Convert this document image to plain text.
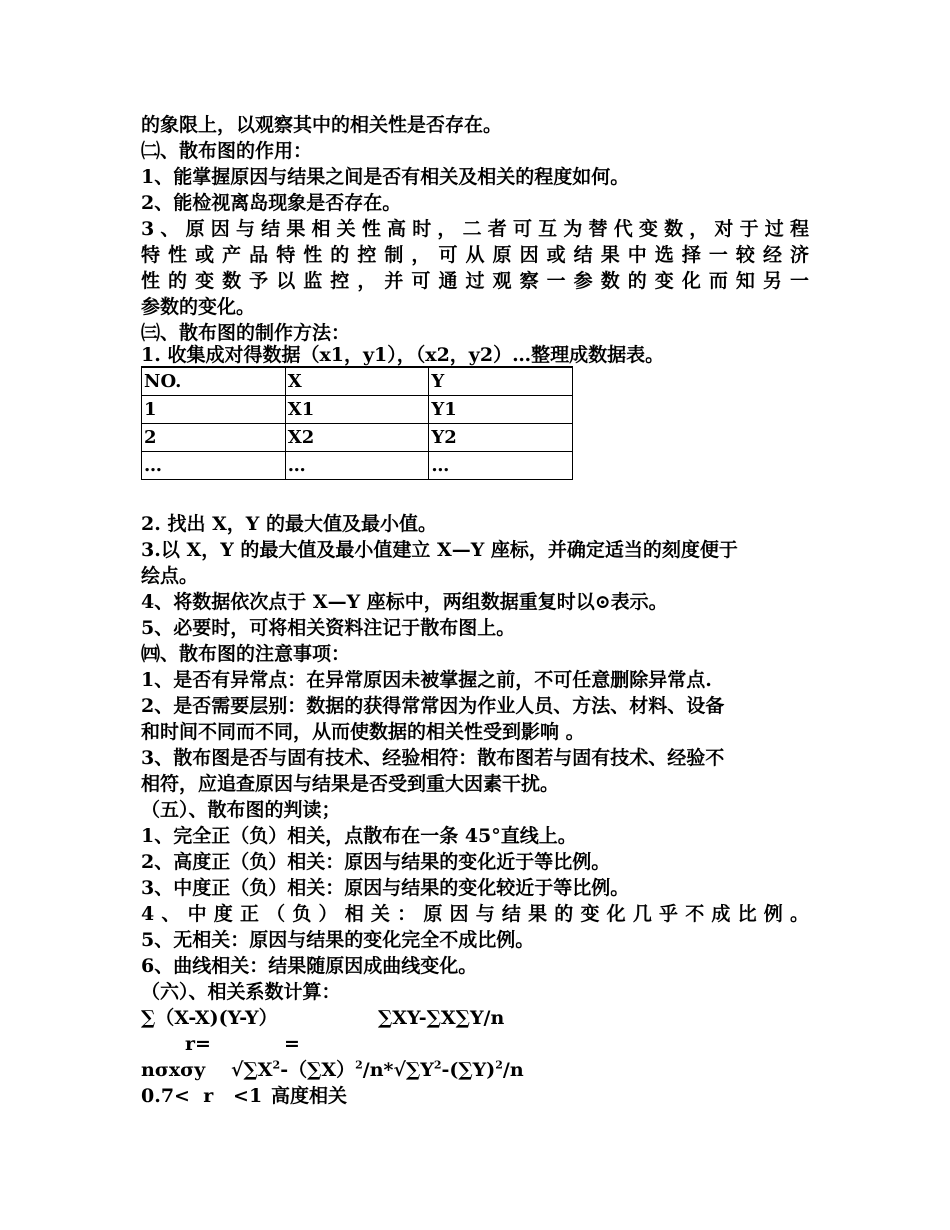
的象限上，以观察其中的相关性是否存在。
㈡、散布图的作用：
1、能掌握原因与结果之间是否有相关及相关的程度如何。
2、能检视离岛现象是否存在。
3、原因与结果相关性高时，二者可互为替代变数，对于过程
特性或产品特性的控制，可从原因或结果中选择一较经济
性的变数予以监控，并可通过观察一参数的变化而知另一
参数的变化。
㈢、散布图的制作方法：
1. 收集成对得数据（x1，y1），（x2，y2）…整理成数据表。
NO.	X	Y
1	X1	Y1
2	X2	Y2
…	…	…
2. 找出 X，Y 的最大值及最小值。
3.以 X，Y 的最大值及最小值建立 X—Y 座标，并确定适当的刻度便于
绘点。
4、将数据依次点于 X—Y 座标中，两组数据重复时以⊙表示。
5、必要时，可将相关资料注记于散布图上。
㈣、散布图的注意事项：
1、是否有异常点：在异常原因未被掌握之前，不可任意删除异常点.
2、是否需要层别：数据的获得常常因为作业人员、方法、材料、设备
和时间不同而不同，从而使数据的相关性受到影响 。
3、散布图是否与固有技术、经验相符：散布图若与固有技术、经验不
相符，应追查原因与结果是否受到重大因素干扰。
（五）、散布图的判读；
1、完全正（负）相关，点散布在一条 45°直线上。
2、高度正（负）相关：原因与结果的变化近于等比例。
3、中度正（负）相关：原因与结果的变化较近于等比例。
4、中度正（负）相关：原因与结果的变化几乎不成比例。
5、无相关：原因与结果的变化完全不成比例。
6、曲线相关：结果随原因成曲线变化。
（六）、相关系数计算：
∑（X-X)(Y-Y）	∑XY-∑X∑Y/n
r=	=
nσxσy $√\sum X^2-(\sum X)^2/n*√\sum Y^2-(\sum Y)^2/n$
0.7<  r   <1 高度相关
